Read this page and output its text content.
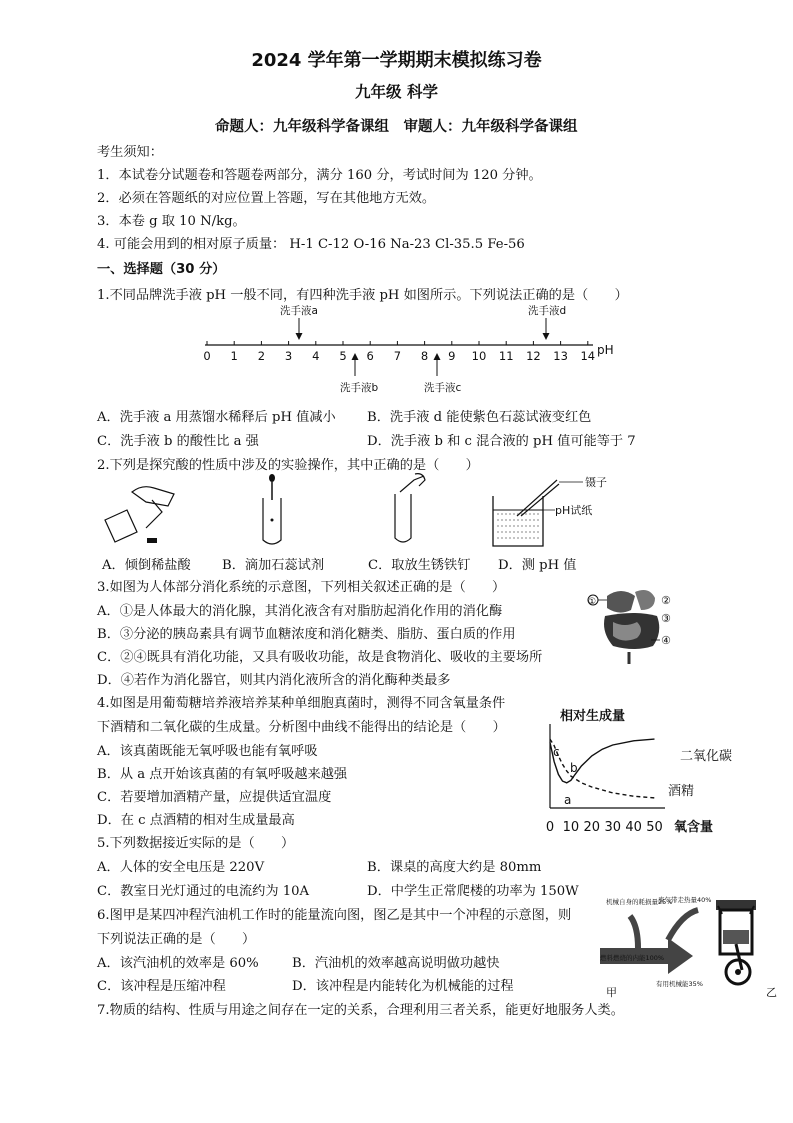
2024 学年第一学期期末模拟练习卷
九年级 科学
命题人：九年级科学备课组　审题人：九年级科学备课组
考生须知：
1．本试卷分试题卷和答题卷两部分，满分 160 分，考试时间为 120 分钟。
2．必须在答题纸的对应位置上答题，写在其他地方无效。
3．本卷 g 取 10 N/kg。
4. 可能会用到的相对原子质量： H-1 C-12 O-16 Na-23 Cl-35.5 Fe-56
一、选择题（30 分）
1.不同品牌洗手液 pH 一般不同，有四种洗手液 pH 如图所示。下列说法正确的是（　　）
0 1 2 3 4 5 6 7 8 9 10 11 12 13 14 pH
洗手液a	洗手液d
洗手液b	洗手液c
A．洗手液 a 用蒸馏水稀释后 pH 值减小 B．洗手液 d 能使紫色石蕊试液变红色
C．洗手液 b 的酸性比 a 强	D．洗手液 b 和 c 混合液的 pH 值可能等于 7
2.下列是探究酸的性质中涉及的实验操作，其中正确的是（　　）
镊子
pH试纸
A．倾倒稀盐酸 B．滴加石蕊试剂	C．取放生锈铁钉 D．测 pH 值
3.如图为人体部分消化系统的示意图，下列相关叙述正确的是（　　）
A．①是人体最大的消化腺，其消化液含有对脂肪起消化作用的消化酶
B．③分泌的胰岛素具有调节血糖浓度和消化糖类、脂肪、蛋白质的作用
C．②④既具有消化功能，又具有吸收功能，故是食物消化、吸收的主要场所
D．④若作为消化器官，则其内消化液所含的消化酶种类最多
①	②
③
④
4.如图是用葡萄糖培养液培养某种单细胞真菌时，测得不同含氧量条件
下酒精和二氧化碳的生成量。分析图中曲线不能得出的结论是（　　）
A．该真菌既能无氧呼吸也能有氧呼吸
B．从 a 点开始该真菌的有氧呼吸越来越强
C．若要增加酒精产量，应提供适宜温度
D．在 c 点酒精的相对生成量最高
相对生成量
0 10 20 30 40 50 氧含量
二氧化碳
酒精
a
b
c
5.下列数据接近实际的是（　　）
A．人体的安全电压是 220V	B．课桌的高度大约是 80mm
C．教室日光灯通过的电流约为 10A	D．中学生正常爬楼的功率为 150W
6.图甲是某四冲程汽油机工作时的能量流向图，图乙是其中一个冲程的示意图，则
下列说法正确的是（　　）
A．该汽油机的效率是 60%	B．汽油机的效率越高说明做功越快
C．该冲程是压缩冲程	D．该冲程是内能转化为机械能的过程
燃料燃烧的内能100%
机械自身的耗损量25%
废气带走热量40%
有用机械能35%
甲	乙
7.物质的结构、性质与用途之间存在一定的关系，合理利用三者关系，能更好地服务人类。
